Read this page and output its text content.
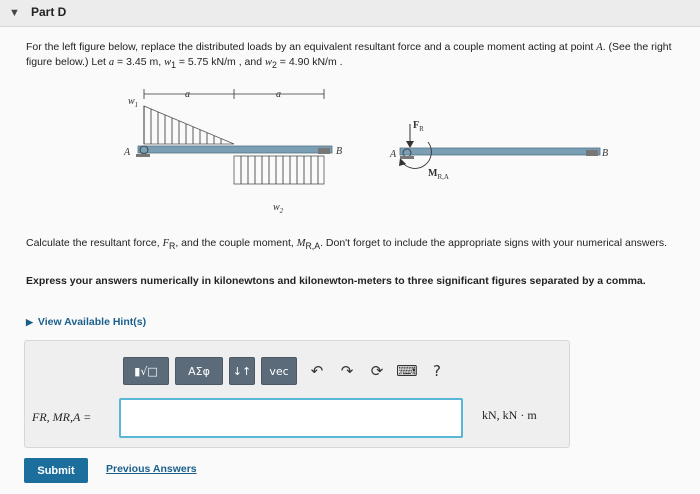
▼ Part D
For the left figure below, replace the distributed loads by an equivalent resultant force and a couple moment acting at point A. (See the right figure below.) Let a = 3.45 m, $w_1 = 5.75$ kN/m , and $w_2 = 4.90$ kN/m .
a	a
$w_1$
A	B
$w_2$
$F_R$
A	B
$M_{R,A}$
Calculate the resultant force, $F_R$, and the couple moment, $M_{R,A}$. Don't forget to include the appropriate signs with your numerical answers.
Express your answers numerically in kilonewtons and kilonewton-meters to three significant figures separated by a comma.
▶ View Available Hint(s)
▮√□	ΑΣφ	↓↑	vec	↶	↷	⟳ ⌨	?
FR, MR,A =	kN, kN · m
Submit	Previous Answers
